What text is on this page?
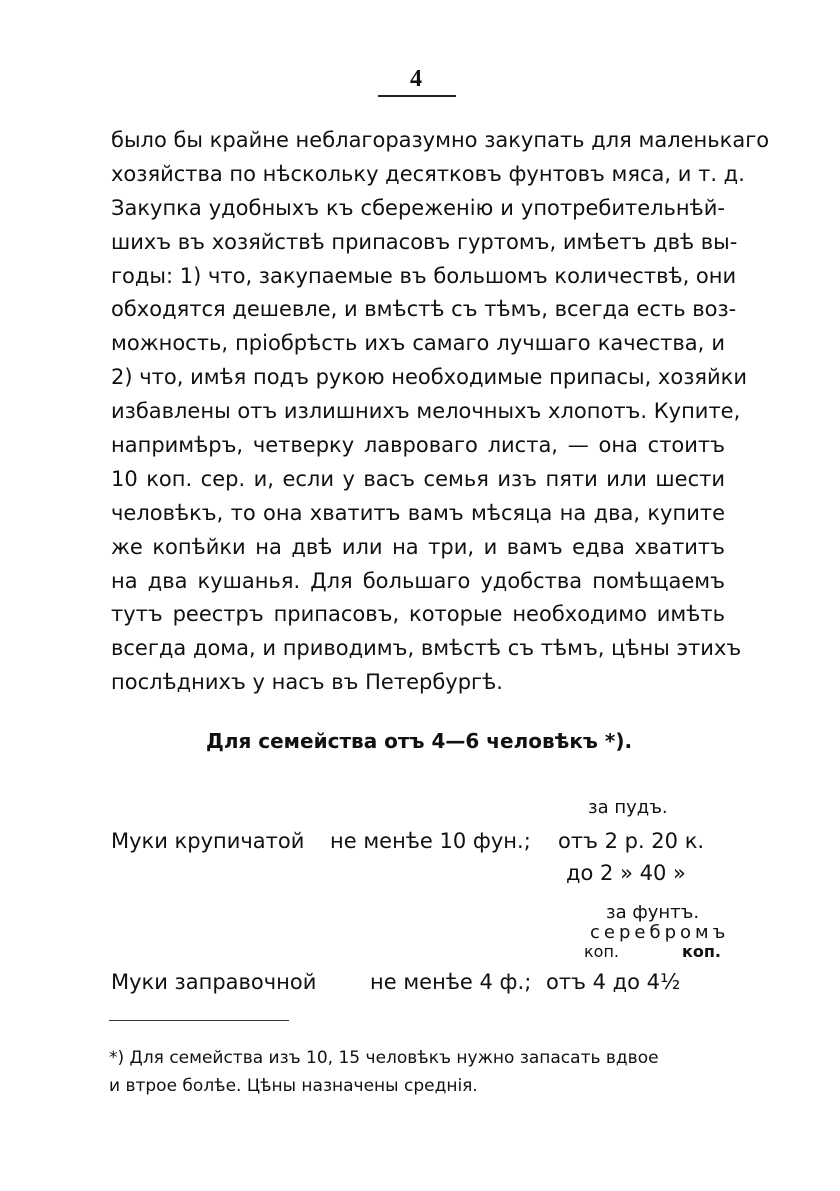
4

было бы крайне неблагоразумно закупать для маленькаго
хозяйства по нѣскольку десятковъ фунтовъ мяса, и т. д.
Закупка удобныхъ къ сбереженію и употребительнѣй-
шихъ въ хозяйствѣ припасовъ гуртомъ, имѣетъ двѣ вы-
годы: 1) что, закупаемые въ большомъ количествѣ, они
обходятся дешевле, и вмѣстѣ съ тѣмъ, всегда есть воз-
можность, пріобрѣсть ихъ самаго лучшаго качества, и
2) что, имѣя подъ рукою необходимые припасы, хозяйки
избавлены отъ излишнихъ мелочныхъ хлопотъ. Купите,
напримѣръ, четверку лавроваго листа, — она стоитъ
10 коп. сер. и, если у васъ семья изъ пяти или шести
человѣкъ, то она хватитъ вамъ мѣсяца на два, купите
же копѣйки на двѣ или на три, и вамъ едва хватитъ
на два кушанья. Для большаго удобства помѣщаемъ
тутъ реестръ припасовъ, которые необходимо имѣть
всегда дома, и приводимъ, вмѣстѣ съ тѣмъ, цѣны этихъ
послѣднихъ у насъ въ Петербургѣ.

Для семейства отъ 4—6 человѣкъ *).
за пудъ.
Муки крупичатой не менѣе 10 фун.; отъ 2 р. 20 к.
до 2 » 40 »
за фунтъ.
серебромъ
коп.	коп.
Муки заправочной	не менѣе 4 ф.; отъ 4 до 4½

*) Для семейства изъ 10, 15 человѣкъ нужно запасать вдвое
и втрое болѣе. Цѣны назначены среднія.
